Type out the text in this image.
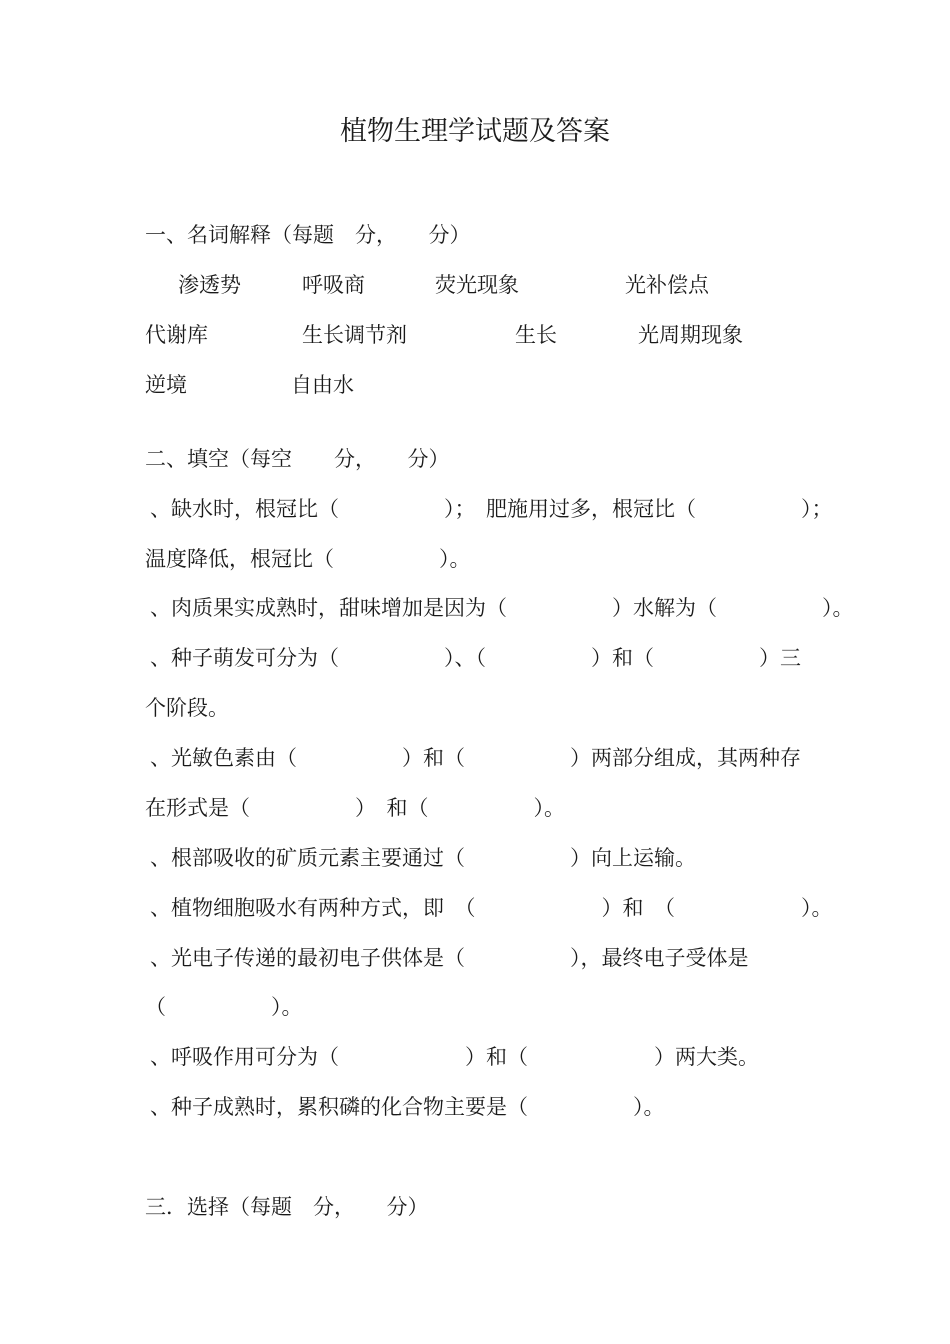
植物生理学试题及答案
一、名词解释（每题　分，　　分）
渗透势	呼吸商	荧光现象	光补偿点
代谢库	生长调节剂	生长	光周期现象
逆境	自由水
二、填空（每空　　分，　　分）
、缺水时，根冠比（　　　　　）；　肥施用过多，根冠比（　　　　　）；
温度降低，根冠比（　　　　　）。
、肉质果实成熟时，甜味增加是因为（　　　　　）水解为（　　　　　）。
、种子萌发可分为（　　　　　）、（　　　　　）和（　　　　　）三
个阶段。
、光敏色素由（　　　　　）和（　　　　　）两部分组成，其两种存
在形式是（　　　　　）　和（　　　　　）。
、根部吸收的矿质元素主要通过（　　　　　）向上运输。
、植物细胞吸水有两种方式，即　（　　　　　　）和　（　　　　　　）。
、光电子传递的最初电子供体是（　　　　　），最终电子受体是
（　　　　　）。
、呼吸作用可分为（　　　　　　）和（　　　　　　）两大类。
、种子成熟时，累积磷的化合物主要是（　　　　　）。
三．选择（每题　分，　　分）
